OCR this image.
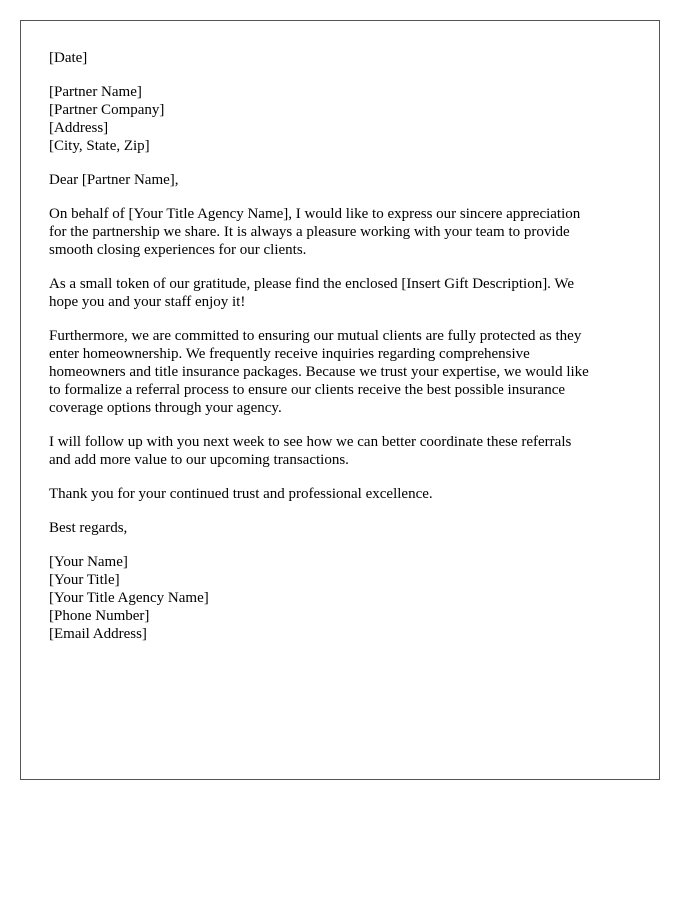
[Date]
[Partner Name]
[Partner Company]
[Address]
[City, State, Zip]
Dear [Partner Name],
On behalf of [Your Title Agency Name], I would like to express our sincere appreciation
for the partnership we share. It is always a pleasure working with your team to provide
smooth closing experiences for our clients.
As a small token of our gratitude, please find the enclosed [Insert Gift Description]. We
hope you and your staff enjoy it!
Furthermore, we are committed to ensuring our mutual clients are fully protected as they
enter homeownership. We frequently receive inquiries regarding comprehensive
homeowners and title insurance packages. Because we trust your expertise, we would like
to formalize a referral process to ensure our clients receive the best possible insurance
coverage options through your agency.
I will follow up with you next week to see how we can better coordinate these referrals
and add more value to our upcoming transactions.
Thank you for your continued trust and professional excellence.
Best regards,
[Your Name]
[Your Title]
[Your Title Agency Name]
[Phone Number]
[Email Address]
